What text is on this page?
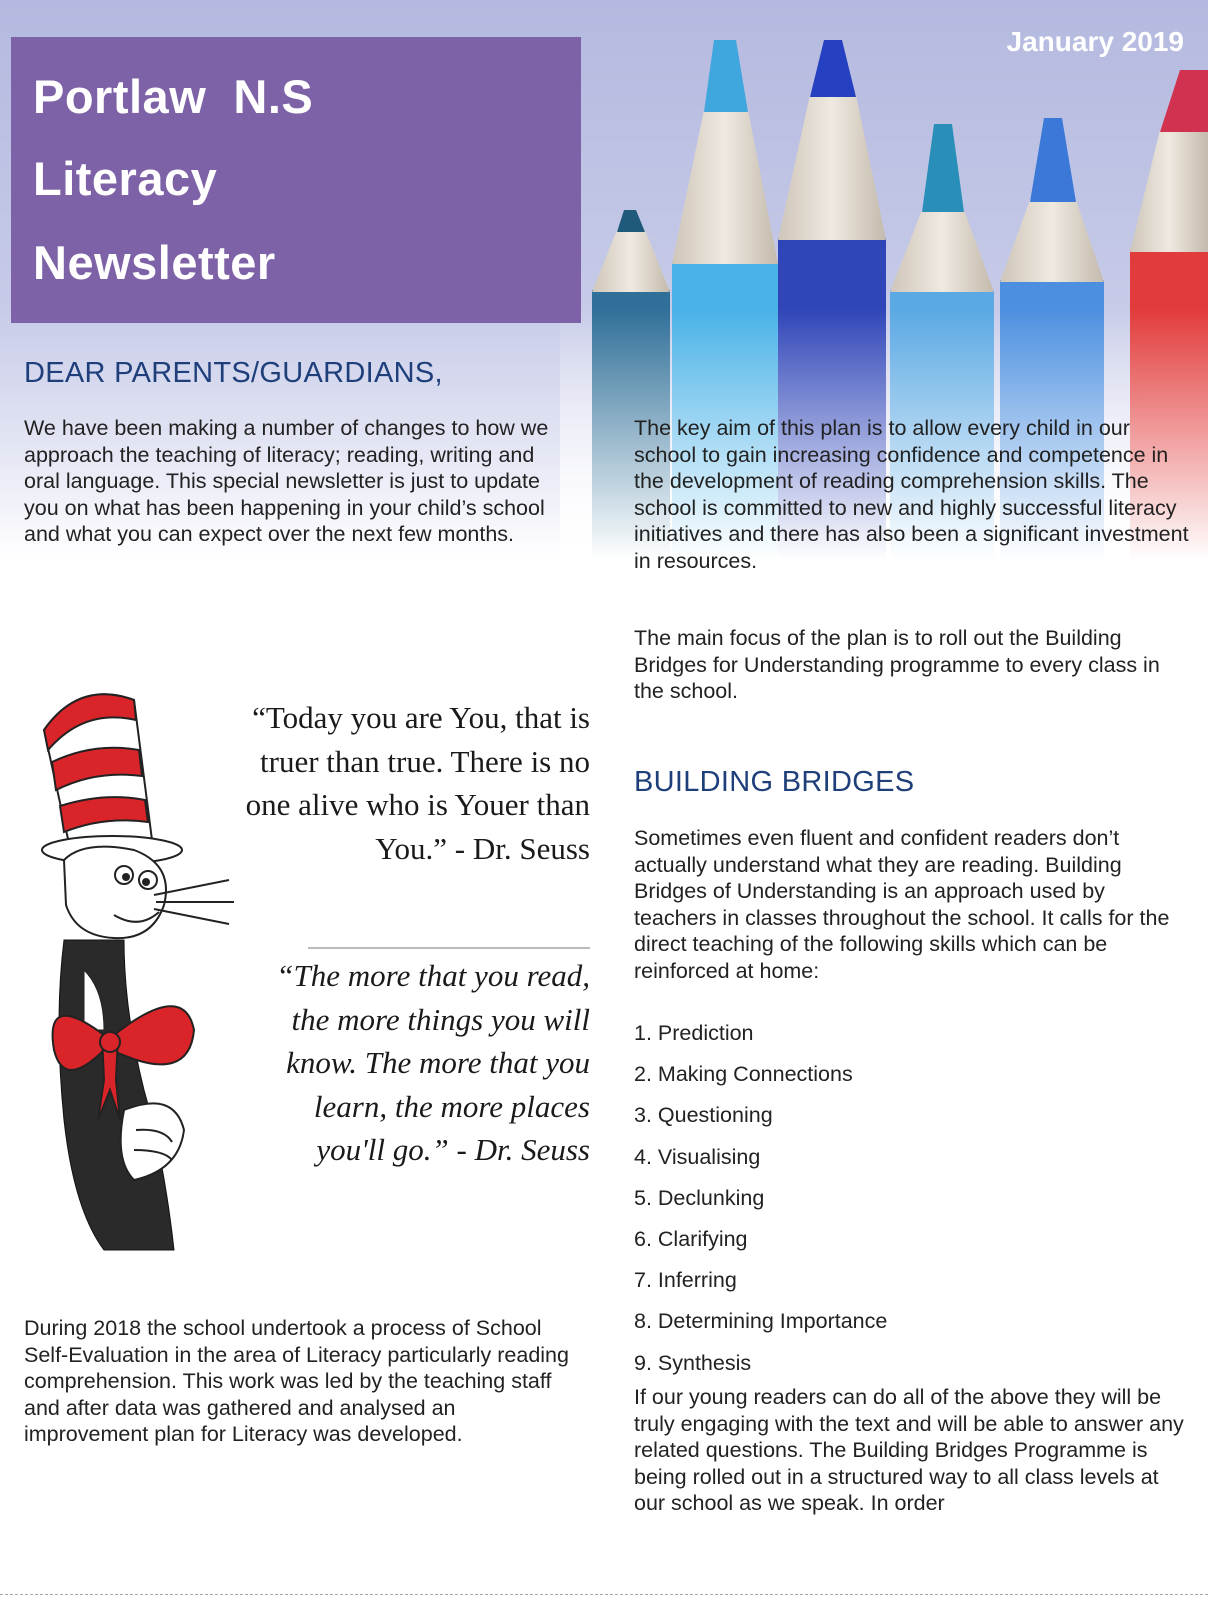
Portlaw  N.S
Literacy
Newsletter
January 2019
DEAR PARENTS/GUARDIANS,
We have been making a number of changes to how we approach the teaching of literacy; reading, writing and oral language. This special newsletter is just to update you on what has been happening in your child’s school and what you can expect over the next few months.
“Today you are You, that is truer than true. There is no one alive who is Youer than You.” - Dr. Seuss
“The more that you read, the more things you will know. The more that you learn, the more places you'll go.” - Dr. Seuss
During 2018 the school undertook a process of School Self-Evaluation in the area of Literacy particularly reading comprehension. This work was led by the teaching staff and after data was gathered and analysed an improvement plan for Literacy was developed.
The key aim of this plan is to allow every child in our school to gain increasing confidence and competence in the development of reading comprehension skills. The school is committed to new and highly successful literacy initiatives and there has also been a significant investment in resources.
The main focus of the plan is to roll out the Building Bridges for Understanding programme to every class in the school.
BUILDING BRIDGES
Sometimes even fluent and confident readers don’t actually understand what they are reading. Building Bridges of Understanding is an approach used by teachers in classes throughout the school. It calls for the direct teaching of the following skills which can be reinforced at home:
1. Prediction
2. Making Connections
3. Questioning
4. Visualising
5. Declunking
6. Clarifying
7. Inferring
8. Determining Importance
9. Synthesis
If our young readers can do all of the above they will be truly engaging with the text and will be able to answer any related questions. The Building Bridges Programme is being rolled out in a structured way to all class levels at our school as we speak. In order
